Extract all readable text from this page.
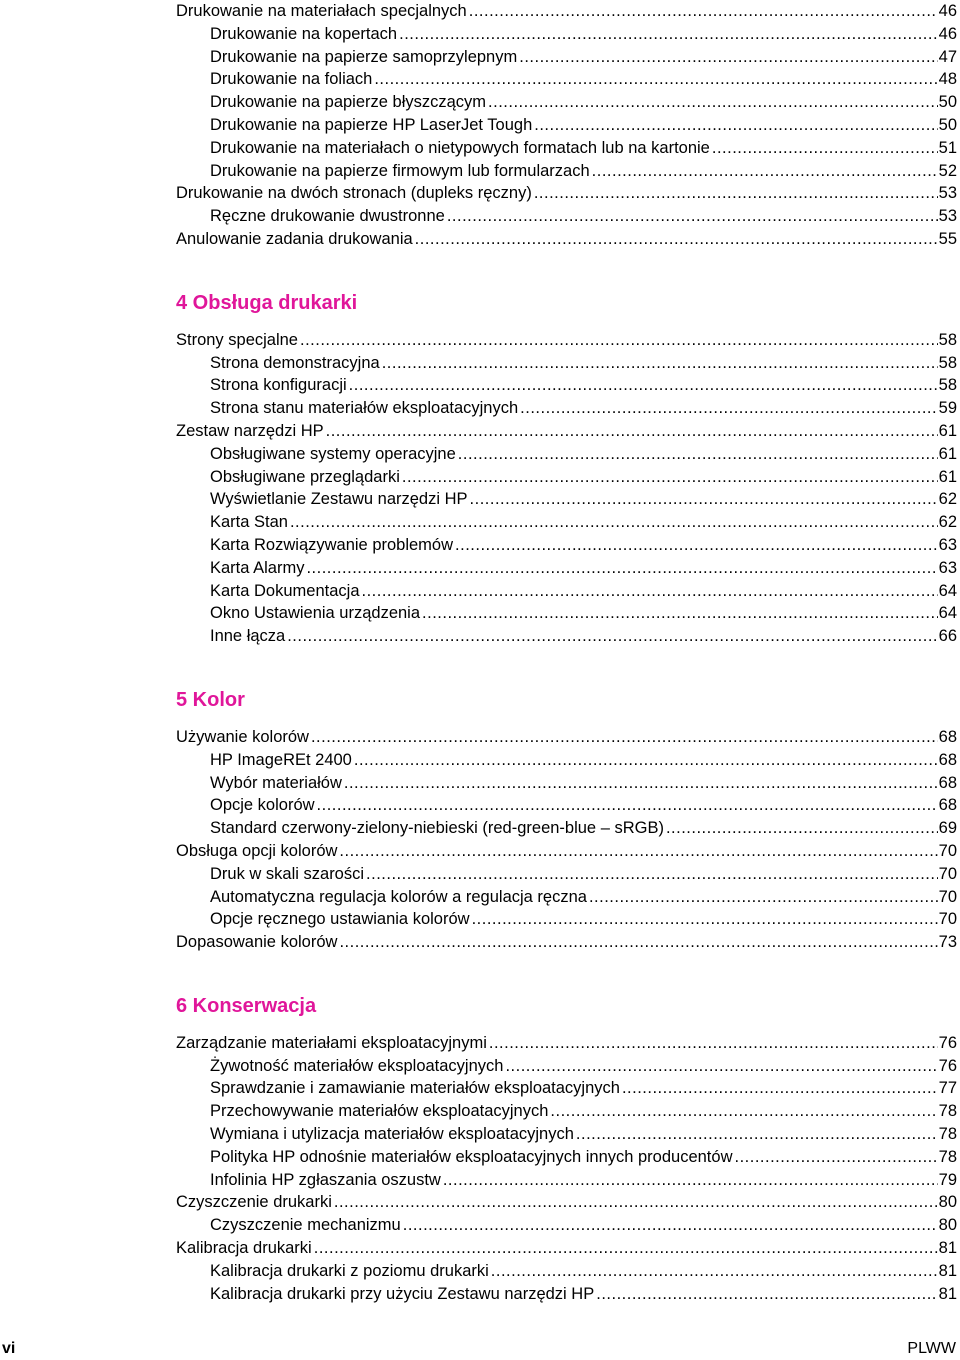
Drukowanie na materiałach specjalnych .....	46
Drukowanie na kopertach .....	46
Drukowanie na papierze samoprzylepnym .....	47
Drukowanie na foliach .....	48
Drukowanie na papierze błyszczącym .....	50
Drukowanie na papierze HP LaserJet Tough .....	50
Drukowanie na materiałach o nietypowych formatach lub na kartonie .....	51
Drukowanie na papierze firmowym lub formularzach .....	52
Drukowanie na dwóch stronach (dupleks ręczny) .....	53
Ręczne drukowanie dwustronne .....	53
Anulowanie zadania drukowania .....	55
4 Obsługa drukarki
Strony specjalne .....	58
Strona demonstracyjna .....	58
Strona konfiguracji .....	58
Strona stanu materiałów eksploatacyjnych .....	59
Zestaw narzędzi HP .....	61
Obsługiwane systemy operacyjne .....	61
Obsługiwane przeglądarki .....	61
Wyświetlanie Zestawu narzędzi HP .....	62
Karta Stan .....	62
Karta Rozwiązywanie problemów .....	63
Karta Alarmy .....	63
Karta Dokumentacja .....	64
Okno Ustawienia urządzenia .....	64
Inne łącza .....	66
5 Kolor
Używanie kolorów .....	68
HP ImageREt 2400 .....	68
Wybór materiałów .....	68
Opcje kolorów .....	68
Standard czerwony-zielony-niebieski (red-green-blue – sRGB) .....	69
Obsługa opcji kolorów .....	70
Druk w skali szarości .....	70
Automatyczna regulacja kolorów a regulacja ręczna .....	70
Opcje ręcznego ustawiania kolorów .....	70
Dopasowanie kolorów .....	73
6 Konserwacja
Zarządzanie materiałami eksploatacyjnymi .....	76
Żywotność materiałów eksploatacyjnych .....	76
Sprawdzanie i zamawianie materiałów eksploatacyjnych .....	77
Przechowywanie materiałów eksploatacyjnych .....	78
Wymiana i utylizacja materiałów eksploatacyjnych .....	78
Polityka HP odnośnie materiałów eksploatacyjnych innych producentów .....	78
Infolinia HP zgłaszania oszustw .....	79
Czyszczenie drukarki .....	80
Czyszczenie mechanizmu .....	80
Kalibracja drukarki .....	81
Kalibracja drukarki z poziomu drukarki .....	81
Kalibracja drukarki przy użyciu Zestawu narzędzi HP .....	81
vi	PLWW
